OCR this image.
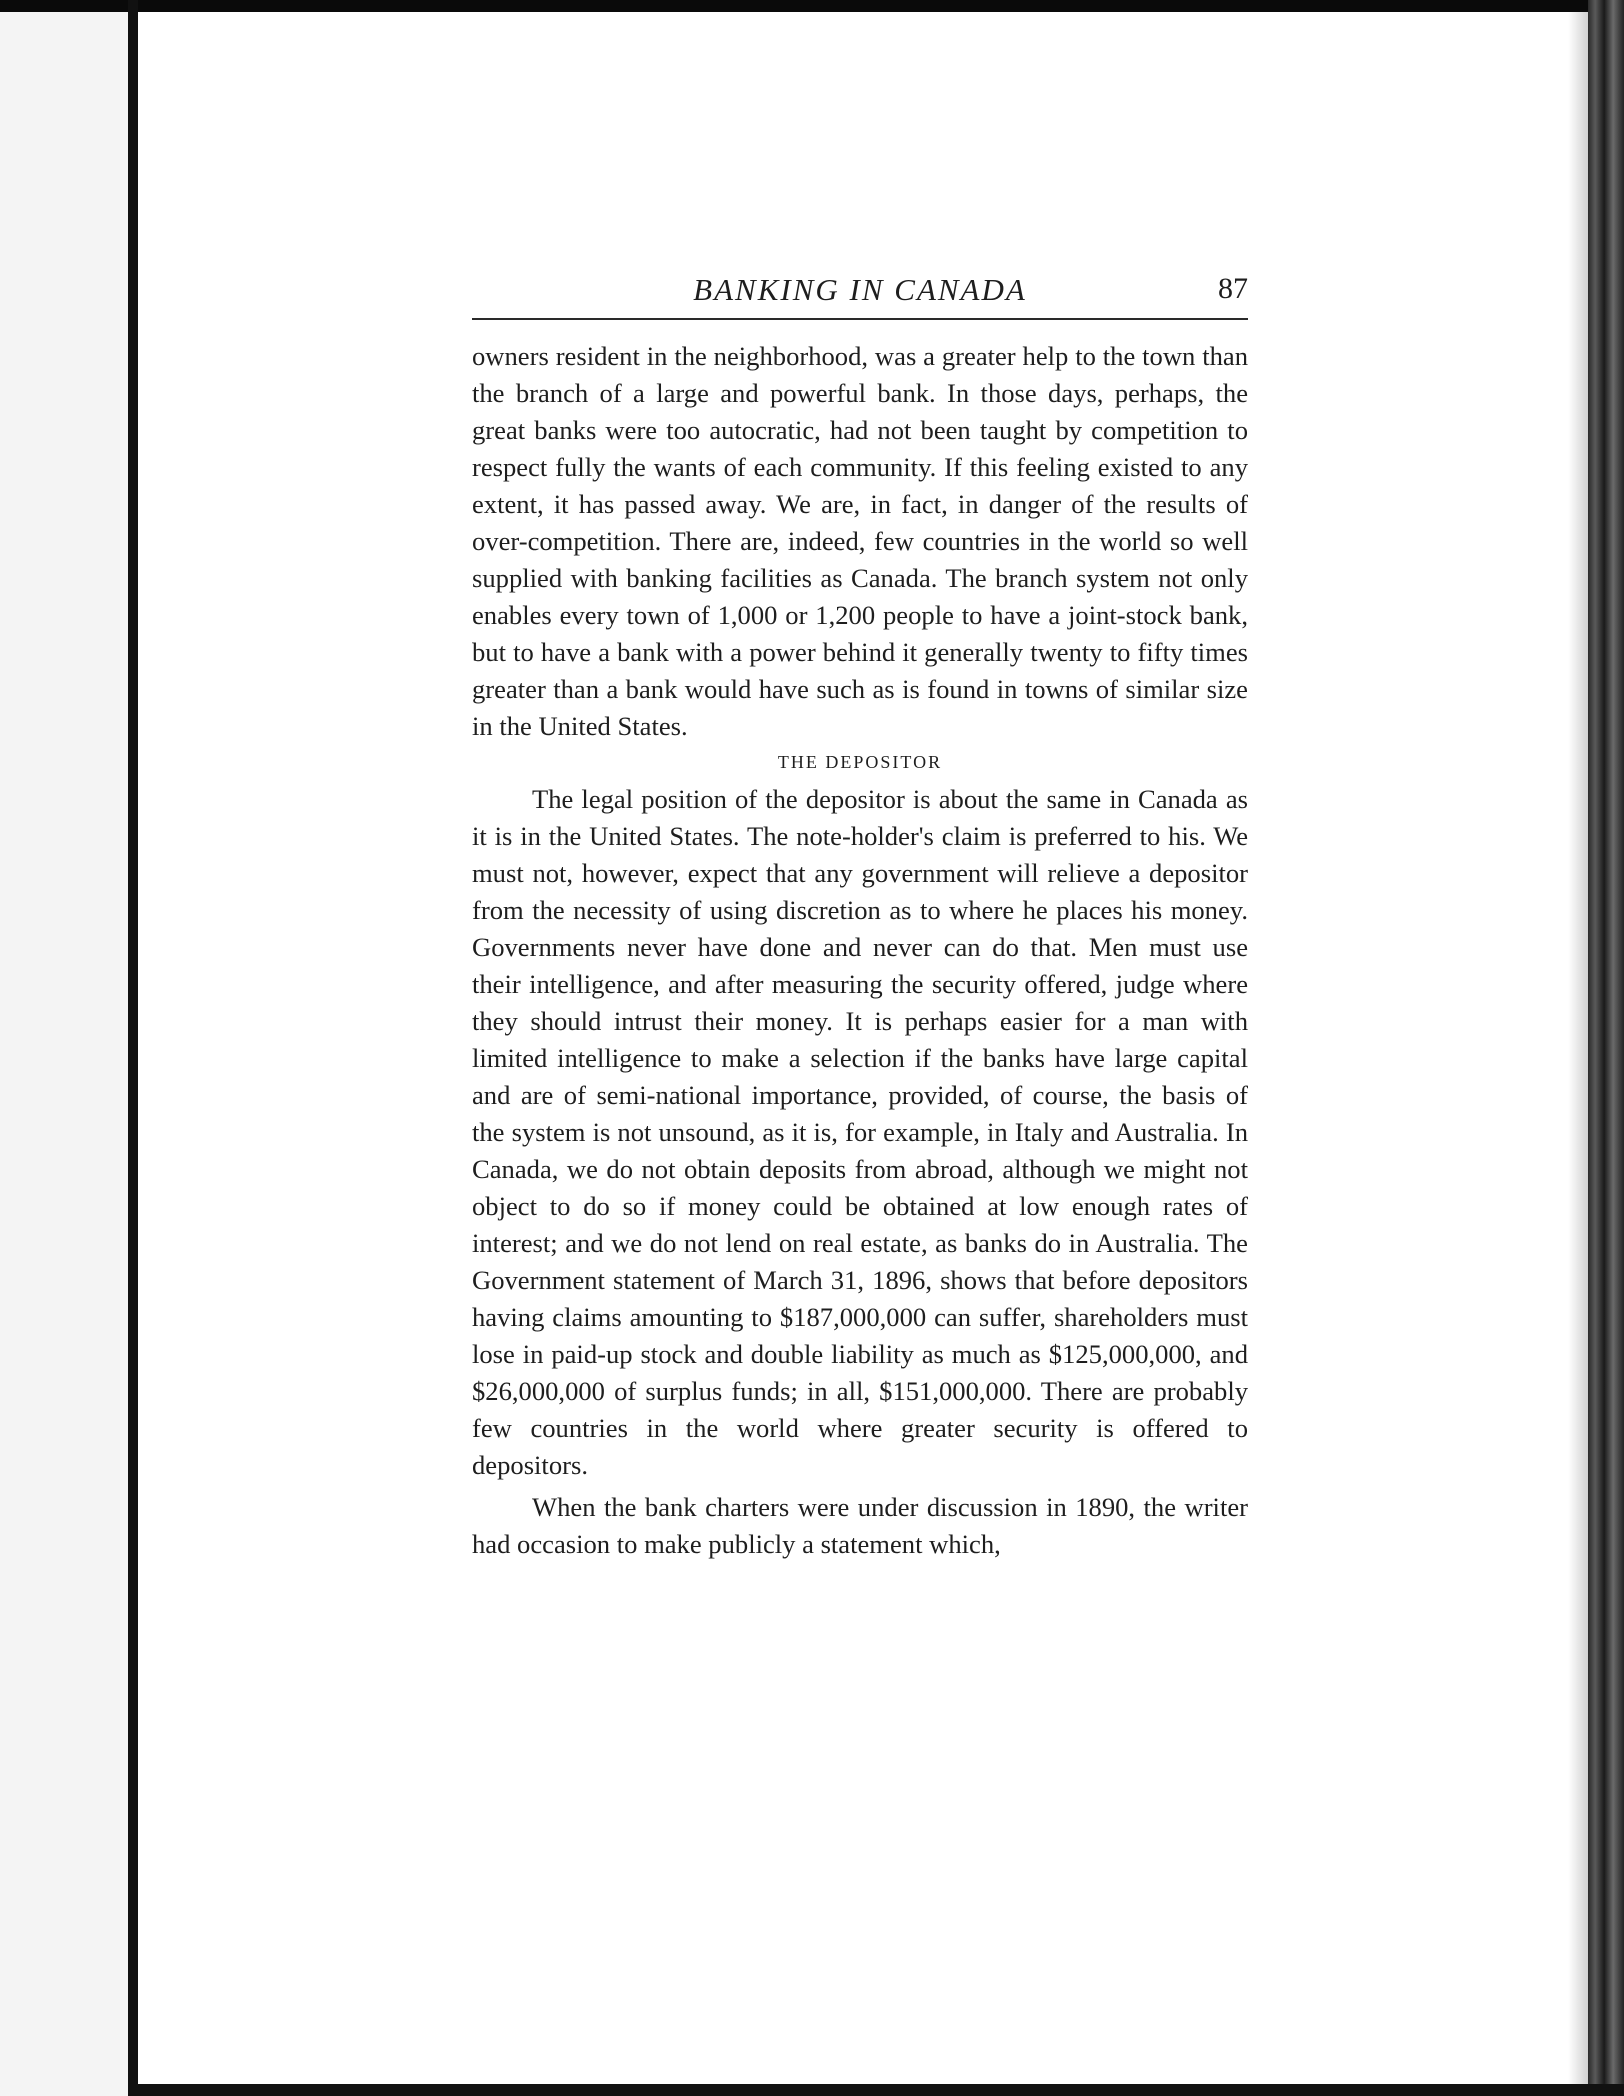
BANKING IN CANADA	87

owners resident in the neighborhood, was a greater help to the town than the branch of a large and powerful bank. In those days, perhaps, the great banks were too autocratic, had not been taught by competition to respect fully the wants of each community. If this feeling existed to any extent, it has passed away. We are, in fact, in danger of the results of over-competition. There are, indeed, few countries in the world so well supplied with banking facilities as Canada. The branch system not only enables every town of 1,000 or 1,200 people to have a joint-stock bank, but to have a bank with a power behind it generally twenty to fifty times greater than a bank would have such as is found in towns of similar size in the United States.

THE DEPOSITOR

The legal position of the depositor is about the same in Canada as it is in the United States. The note-holder's claim is preferred to his. We must not, however, expect that any government will relieve a depositor from the necessity of using discretion as to where he places his money. Governments never have done and never can do that. Men must use their intelligence, and after measuring the security offered, judge where they should intrust their money. It is perhaps easier for a man with limited intelligence to make a selection if the banks have large capital and are of semi-national importance, provided, of course, the basis of the system is not unsound, as it is, for example, in Italy and Australia. In Canada, we do not obtain deposits from abroad, although we might not object to do so if money could be obtained at low enough rates of interest; and we do not lend on real estate, as banks do in Australia. The Government statement of March 31, 1896, shows that before depositors having claims amounting to $187,000,000 can suffer, shareholders must lose in paid-up stock and double liability as much as $125,000,000, and $26,000,000 of surplus funds; in all, $151,000,000. There are probably few countries in the world where greater security is offered to depositors.

When the bank charters were under discussion in 1890, the writer had occasion to make publicly a statement which,
